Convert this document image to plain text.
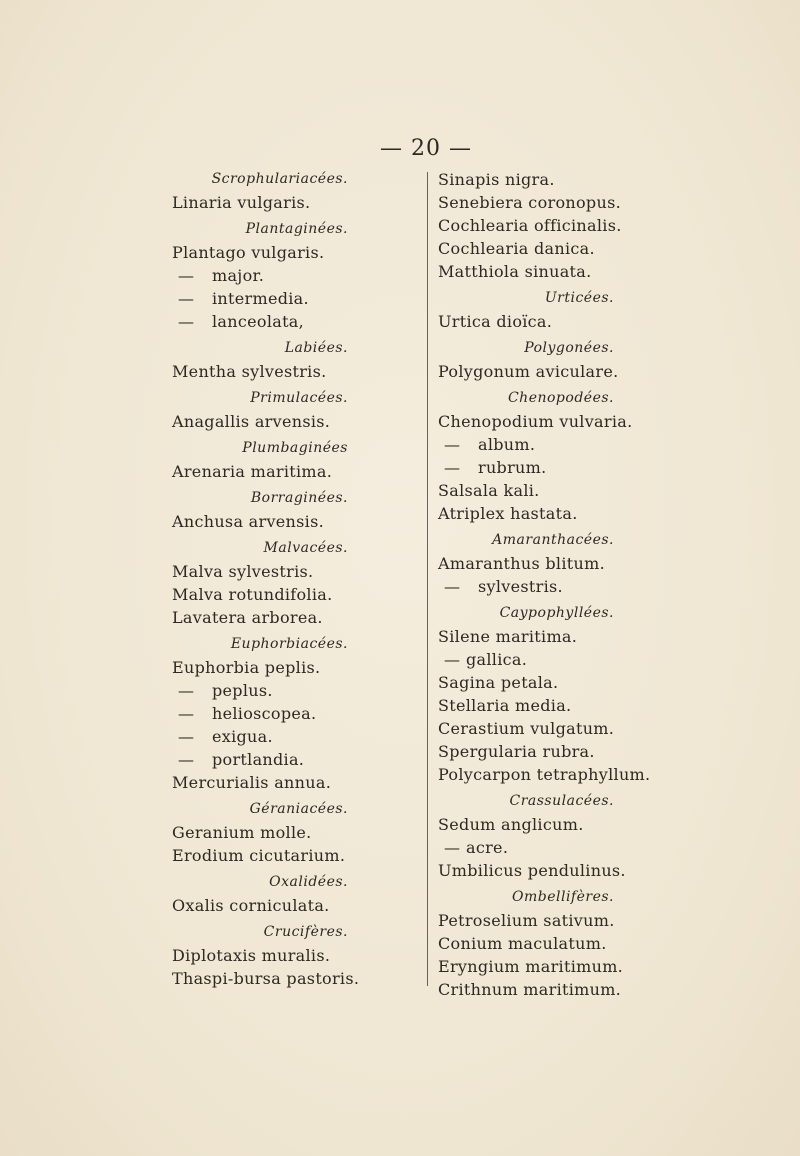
— 20 —
Scrophulariacées.
Linaria vulgaris.
Plantaginées.
Plantago vulgaris.
— major.
— intermedia.
— lanceolata,
Labiées.
Mentha sylvestris.
Primulacées.
Anagallis arvensis.
Plumbaginées
Arenaria maritima.
Borraginées.
Anchusa arvensis.
Malvacées.
Malva sylvestris.
Malva rotundifolia.
Lavatera arborea.
Euphorbiacées.
Euphorbia peplis.
— peplus.
— helioscopea.
— exigua.
— portlandia.
Mercurialis annua.
Géraniacées.
Geranium molle.
Erodium cicutarium.
Oxalidées.
Oxalis corniculata.
Crucifères.
Diplotaxis muralis.
Thaspi-bursa pastoris.
Sinapis nigra.
Senebiera coronopus.
Cochlearia officinalis.
Cochlearia danica.
Matthiola sinuata.
Urticées.
Urtica dioïca.
Polygonées.
Polygonum aviculare.
Chenopodées.
Chenopodium vulvaria.
— album.
— rubrum.
Salsala kali.
Atriplex hastata.
Amaranthacées.
Amaranthus blitum.
— sylvestris.
Caypophyllées.
Silene maritima.
— gallica.
Sagina petala.
Stellaria media.
Cerastium vulgatum.
Spergularia rubra.
Polycarpon tetraphyllum.
Crassulacées.
Sedum anglicum.
— acre.
Umbilicus pendulinus.
Ombellifères.
Petroselium sativum.
Conium maculatum.
Eryngium maritimum.
Crithnum maritimum.
